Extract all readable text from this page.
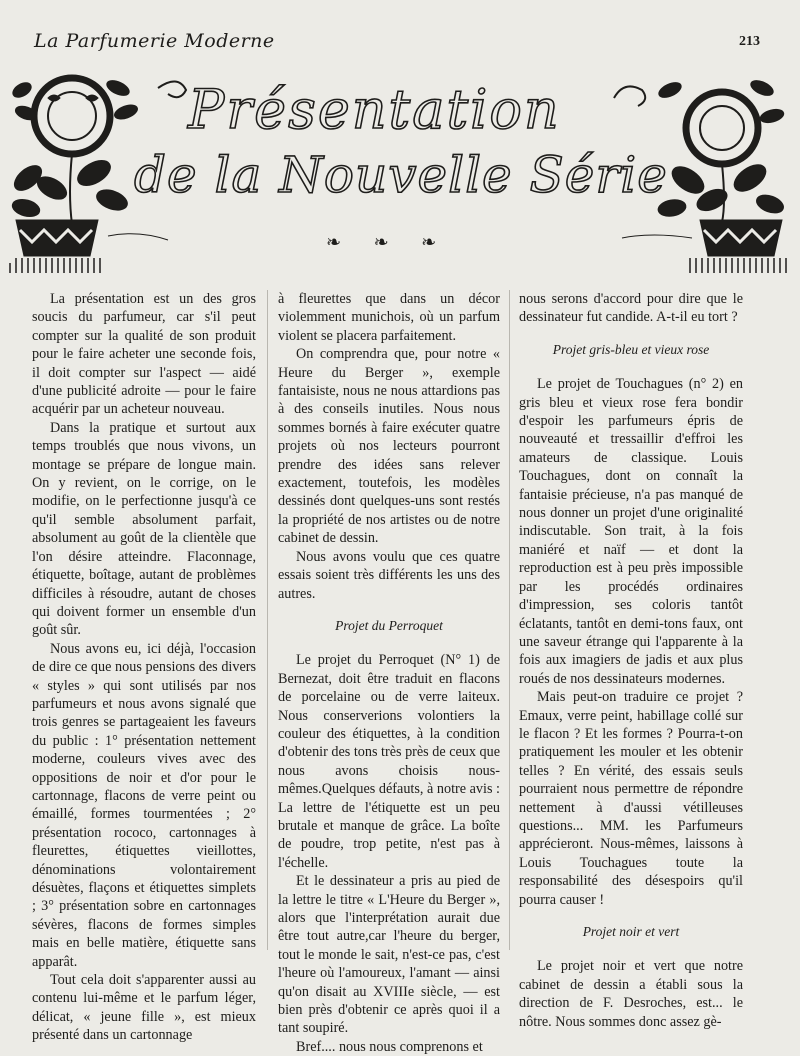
La Parfumerie Moderne	213
Présentation
de la Nouvelle Série
❧ ❧ ❧

La présentation est un des gros soucis du parfumeur, car s'il peut compter sur la qualité de son produit pour le faire acheter une seconde fois, il doit compter sur l'aspect — aidé d'une publicité adroite — pour le faire acquérir par un acheteur nouveau.

Dans la pratique et surtout aux temps troublés que nous vivons, un montage se prépare de longue main. On y revient, on le corrige, on le modifie, on le perfectionne jusqu'à ce qu'il semble absolument parfait, absolument au goût de la clientèle que l'on désire atteindre. Flaconnage, étiquette, boîtage, autant de problèmes difficiles à résoudre, autant de choses qui doivent former un ensemble d'un goût sûr.

Nous avons eu, ici déjà, l'occasion de dire ce que nous pensions des divers « styles » qui sont utilisés par nos parfumeurs et nous avons signalé que trois genres se partageaient les faveurs du public : 1° présentation nettement moderne, couleurs vives avec des oppositions de noir et d'or pour le cartonnage, flacons de verre peint ou émaillé, formes tourmentées ; 2° présentation rococo, cartonnages à fleurettes, étiquettes vieillottes, dénominations volontairement désuètes, flaçons et étiquettes simplets ; 3° présentation sobre en cartonnages sévères, flacons de formes simples mais en belle matière, étiquette sans apparât.

Tout cela doit s'apparenter aussi au contenu lui-même et le parfum léger, délicat, « jeune fille », est mieux présenté dans un cartonnage

à fleurettes que dans un décor violemment munichois, où un parfum violent se placera parfaitement.

On comprendra que, pour notre « Heure du Berger », exemple fantaisiste, nous ne nous attardions pas à des conseils inutiles. Nous nous sommes bornés à faire exécuter quatre projets où nos lecteurs pourront prendre des idées sans relever exactement, toutefois, les modèles dessinés dont quelques-uns sont restés la propriété de nos artistes ou de notre cabinet de dessin.

Nous avons voulu que ces quatre essais soient très différents les uns des autres.

Projet du Perroquet

Le projet du Perroquet (N° 1) de Bernezat, doit être traduit en flacons de porcelaine ou de verre laiteux. Nous conserverions volontiers la couleur des étiquettes, à la condition d'obtenir des tons très près de ceux que nous avons choisis nous-mêmes.Quelques défauts, à notre avis : La lettre de l'étiquette est un peu brutale et manque de grâce. La boîte de poudre, trop petite, n'est pas à l'échelle.

Et le dessinateur a pris au pied de la lettre le titre « L'Heure du Berger », alors que l'interprétation aurait due être tout autre,car l'heure du berger, tout le monde le sait, n'est-ce pas, c'est l'heure où l'amoureux, l'amant — ainsi qu'on disait au XVIIIe siècle, — est bien près d'obtenir ce après quoi il a tant soupiré.

Bref.... nous nous comprenons et

nous serons d'accord pour dire que le dessinateur fut candide. A-t-il eu tort ?

Projet gris-bleu et vieux rose

Le projet de Touchagues (n° 2) en gris bleu et vieux rose fera bondir d'espoir les parfumeurs épris de nouveauté et tressaillir d'effroi les amateurs de classique. Louis Touchagues, dont on connaît la fantaisie précieuse, n'a pas manqué de nous donner un projet d'une originalité indiscutable. Son trait, à la fois maniéré et naïf — et dont la reproduction est à peu près impossible par les procédés ordinaires d'impression, ses coloris tantôt éclatants, tantôt en demi-tons faux, ont une saveur étrange qui l'apparente à la fois aux imagiers de jadis et aux plus roués de nos dessinateurs modernes.

Mais peut-on traduire ce projet ? Emaux, verre peint, habillage collé sur le flacon ? Et les formes ? Pourra-t-on pratiquement les mouler et les obtenir telles ? En vérité, des essais seuls pourraient nous permettre de répondre nettement à d'aussi vétilleuses questions... MM. les Parfumeurs apprécieront. Nous-mêmes, laissons à Louis Touchagues toute la responsabilité des désespoirs qu'il pourra causer !

Projet noir et vert

Le projet noir et vert que notre cabinet de dessin a établi sous la direction de F. Desroches, est... le nôtre. Nous sommes donc assez gè-
